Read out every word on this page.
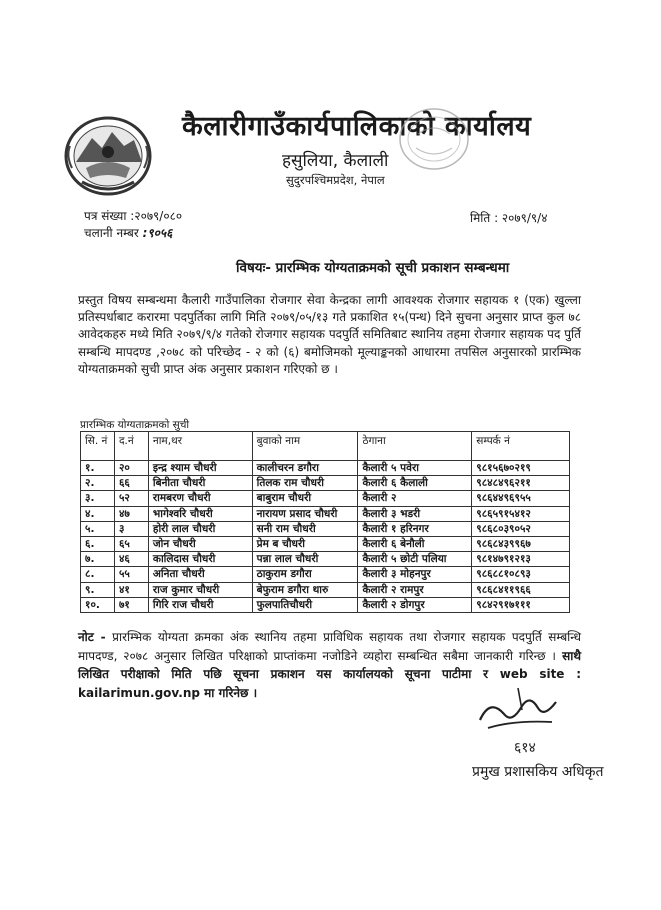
कैलारीगाउँकार्यपालिकाको कार्यालय
हसुलिया, कैलाली
सुदुरपश्चिमप्रदेश, नेपाल
पत्र संख्या :२०७९/०८०
चलानी नम्बर :९०५६
मिति : २०७९/९/४
विषयः- प्रारम्भिक योग्यताक्रमको सूची प्रकाशन सम्बन्धमा
प्रस्तुत विषय सम्बन्धमा कैलारी गाउँपालिका रोजगार सेवा केन्द्रका लागी आवश्यक रोजगार सहायक १ (एक) खुल्ला प्रतिस्पर्धाबाट करारमा पदपुर्तिका लागि मिति २०७९/०५/१३ गते प्रकाशित १५(पन्ध) दिने सुचना अनुसार प्राप्त कुल ७८ आवेदकहरु मध्ये मिति २०७९/९/४ गतेको रोजगार सहायक पदपुर्ति समितिबाट स्थानिय तहमा रोजगार सहायक पद पुर्ति सम्बन्धि मापदण्ड ,२०७८ को परिच्छेद - २ को (६) बमोजिमको मूल्याङ्कनको आधारमा तपसिल अनुसारको प्रारम्भिक योग्यताक्रमको सुची प्राप्त अंक अनुसार प्रकाशन गरिएको छ ।
प्रारम्भिक योग्यताक्रमको सुची
सि. नं	द.नं	नाम,थर	बुवाको नाम	ठेगाना	सम्पर्क नं
१.	२०	इन्द्र श्याम चौधरी	कालीचरन डगौरा	कैलारी ५ पवेरा	९८१५६७०२१९
२.	६६	बिनीता चौधरी	तिलक राम चौधरी	कैलारी ६ कैलाली	९८४८४९६२११
३.	५२	रामबरण चौधरी	बाबुराम चौधरी	कैलारी २	९८६४४९६९५५
४.	४७	भागेश्वरि चौधरी	नारायण प्रसाद चौधरी	कैलारी ३ भडरी	९८६५९१५४१२
५.	३	होरी लाल चौधरी	सनी राम चौधरी	कैलारी १ हरिनगर	९८६८०३९०५२
६.	६५	जोन चौधरी	प्रेम ब चौधरी	कैलारी ६ बेनौली	९८६८४३९९६७
७.	४६	कालिदास चौधरी	पन्ना लाल चौधरी	कैलारी ५ छोटी पलिया	९८१४७९१२१३
८.	५५	अनिता चौधरी	ठाकुराम डगौरा	कैलारी ३ मोहनपुर	९८६८८१०८९३
९.	४१	राज कुमार चौधरी	बेफुराम डगौरा थारु	कैलारी २ रामपुर	९८६८४११९६६
१०.	७१	गिरि राज चौधरी	फुलपातिचौधरी	कैलारी २ डोगपुर	९८४२९१७१११
नोट - प्रारम्भिक योग्यता क्रमका अंक स्थानिय तहमा प्राविधिक सहायक तथा रोजगार सहायक पदपुर्ति सम्बन्धि मापदण्ड, २०७८ अनुसार लिखित परिक्षाको प्राप्तांकमा नजोडिने व्यहोरा सम्बन्धित सबैमा जानकारी गरिन्छ । साथै लिखित परीक्षाको मिति पछि सूचना प्रकाशन यस कार्यालयको सूचना पाटीमा र web site : kailarimun.gov.np मा गरिनेछ ।
६१४
प्रमुख प्रशासकिय अधिकृत
